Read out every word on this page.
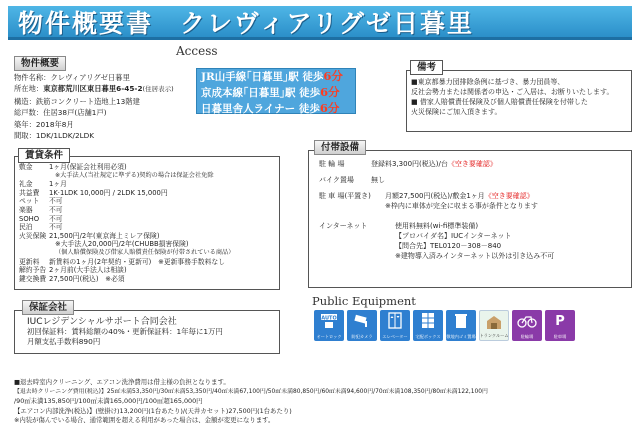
物件概要書　クレヴィアリグゼ日暮里
Access
JR山手線｢日暮里｣駅 徒歩6分
京成本線｢日暮里｣駅 徒歩6分
日暮里舎人ライナー 徒歩6分
物件概要
物件名称：クレヴィアリグゼ日暮里
所在地：東京都荒川区東日暮里6-45-2(住居表示)
構造：鉄筋コンクリート造地上13階建
総戸数：住居38戸(店舗1戸)
築年：2018年8月
間取：1DK/1LDK/2LDK
敷金	1ヶ月(保証会社利用必須)
※大手法人(当社規定に準ずる)契約の場合は保証会社免除
礼金	1ヶ月
共益費	1K·1LDK 10,000円 / 2LDK 15,000円
ペット	不可
楽器	不可
SOHO	不可
民泊	不可
火災保険 21,500円/2年(東京海上ミレア保険)
※大手法人20,000円/2年(CHUBB損害保険)
（個人賠償保険及び借家人賠償責任保険が付帯されている商品）
更新料	新賃料の1ヶ月(2年契約・更新可)　※更新事務手数料なし
解約予告 2ヶ月前(大手法人は相談)
鍵交換費 27,500円(税込)　※必須
賃貸条件
IUCレジデンシャルサポート合同会社
初回保証料：賃料総額の40%・更新保証料：1年毎に1万円
月額支払手数料890円
保証会社
■東京都暴力団排除条例に基づき、暴力団員等、
反社会勢力または関係者の申込・ご入居は、お断りいたします。
■ 借家人賠償責任保険及び個人賠償責任保険を付帯した
火災保険にご加入頂きます。
備考
駐 輪 場	登録料3,300円(税込)/台 《空き要確認》
バイク置場	無し
駐 車 場(平置き)	月額27,500円(税込)/敷金1ヶ月 《空き要確認》
※枠内に車体が完全に収まる事が条件となります
インターネット	使用料無料(wi-fi標準装備)
【プロバイダ名】IUCインターネット
【問合先】TEL0120－308－840
※建物導入済みインターネット以外は引き込み不可
付帯設備
Public Equipment
AUTO
オートロック 防犯カメラ エレベーター 宅配ボックス 敷地内ゴミ置場 トランクルーム	駐輪場
P
駐車場
■退去時室内クリーニング、エアコン洗浄費用は借主様の負担となります。
【退去時クリーニング費用(税込)】25㎡未満53,350円/30㎡未満53,350円/40㎡未満67,100円/50㎡未満80,850円/60㎡未満94,600円/70㎡未満108,350円/80㎡未満122,100円
/90㎡未満135,850円/100㎡未満165,000円/100㎡超165,000円
【エアコン内部洗浄(税込)】(壁掛け)13,200円(1台あたり)/(天井カセット)27,500円(1台あたり)
※内装が傷んでいる場合、通常範囲を超える利用があった場合は、金額が変更になります。
